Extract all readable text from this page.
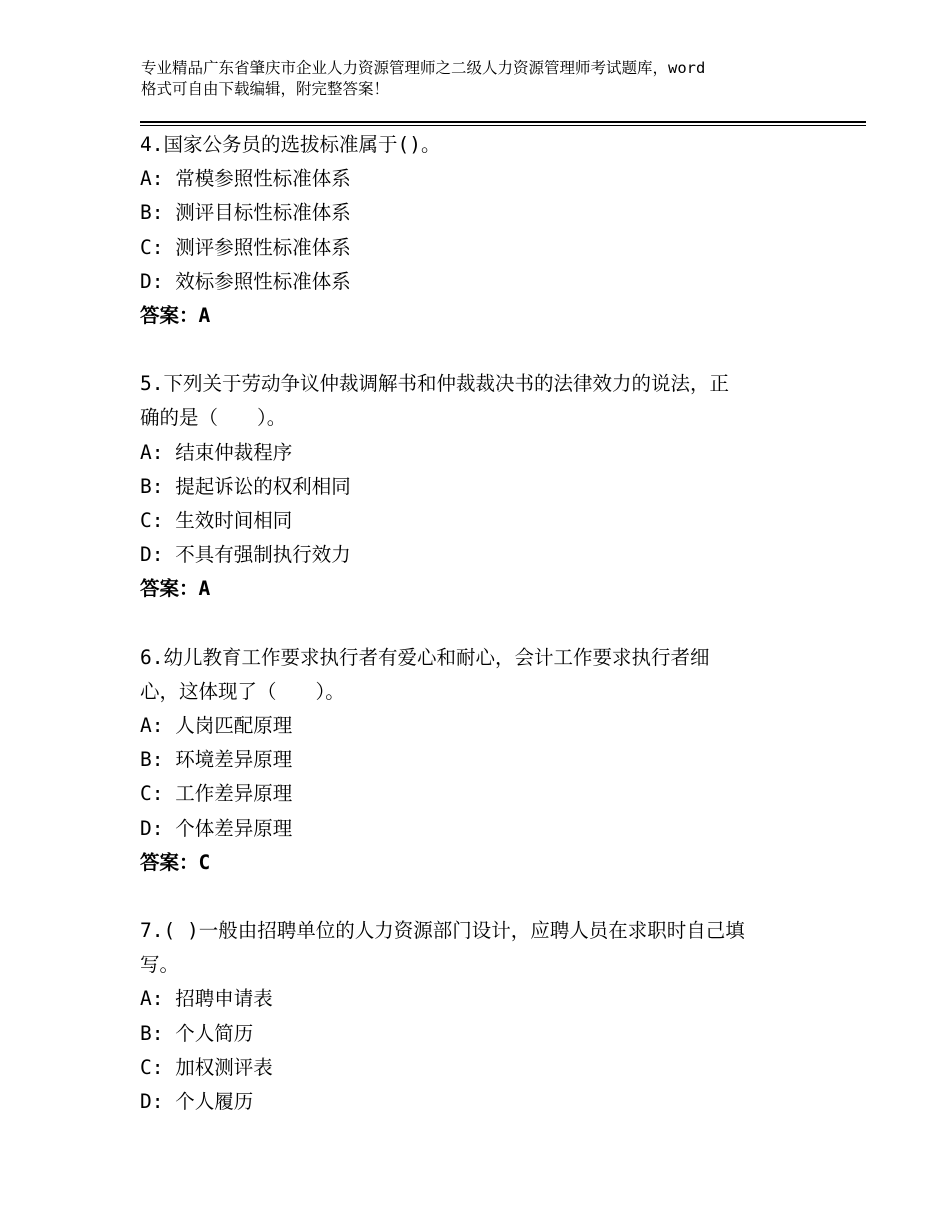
专业精品广东省肇庆市企业人力资源管理师之二级人力资源管理师考试题库，word
格式可自由下载编辑，附完整答案！
4.国家公务员的选拔标准属于()。
A: 常模参照性标准体系
B: 测评目标性标准体系
C: 测评参照性标准体系
D: 效标参照性标准体系
答案：A
5.下列关于劳动争议仲裁调解书和仲裁裁决书的法律效力的说法，正
确的是（　　）。
A: 结束仲裁程序
B: 提起诉讼的权利相同
C: 生效时间相同
D: 不具有强制执行效力
答案：A
6.幼儿教育工作要求执行者有爱心和耐心，会计工作要求执行者细
心，这体现了（　　）。
A: 人岗匹配原理
B: 环境差异原理
C: 工作差异原理
D: 个体差异原理
答案：C
7.( )一般由招聘单位的人力资源部门设计，应聘人员在求职时自己填
写。
A: 招聘申请表
B: 个人简历
C: 加权测评表
D: 个人履历
